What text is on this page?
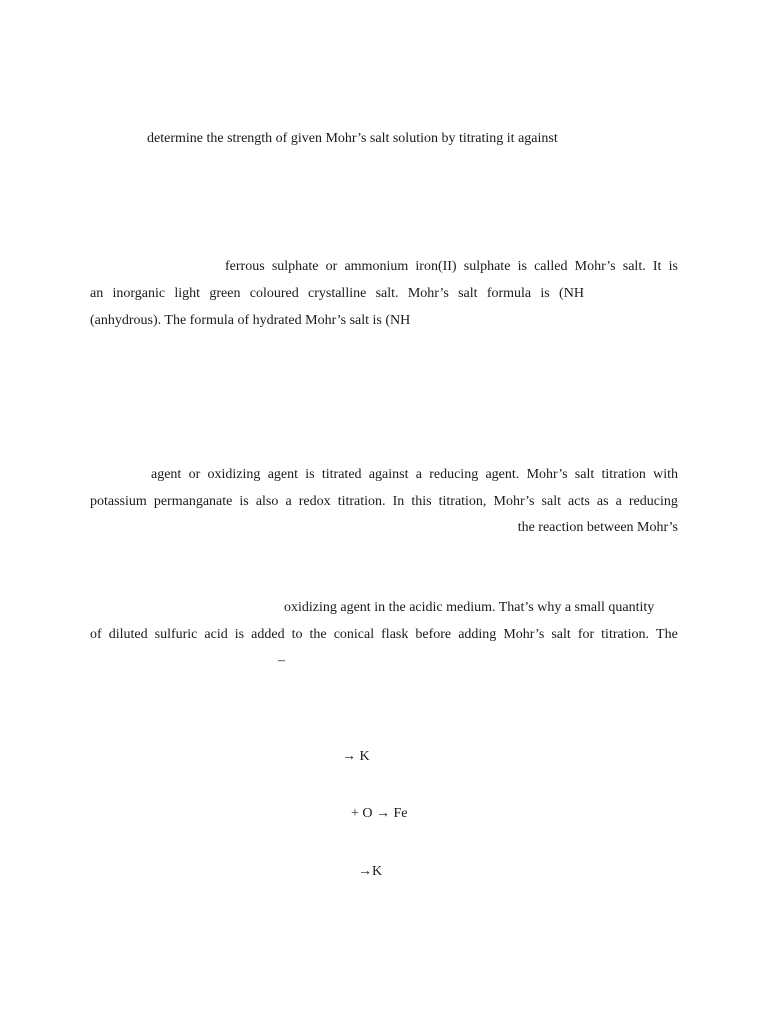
determine the strength of given Mohr’s salt solution by titrating it against
ferrous sulphate or ammonium iron(II) sulphate is called Mohr’s salt. It is
an inorganic light green coloured crystalline salt. Mohr’s salt formula is (NH
(anhydrous). The formula of hydrated Mohr’s salt is (NH
agent or oxidizing agent is titrated against a reducing agent. Mohr’s salt titration with
potassium permanganate is also a redox titration. In this titration, Mohr’s salt acts as a reducing
the reaction between Mohr’s
oxidizing agent in the acidic medium. That’s why a small quantity
of diluted sulfuric acid is added to the conical flask before adding Mohr’s salt for titration. The
–
→ K
+ O → Fe
→K
